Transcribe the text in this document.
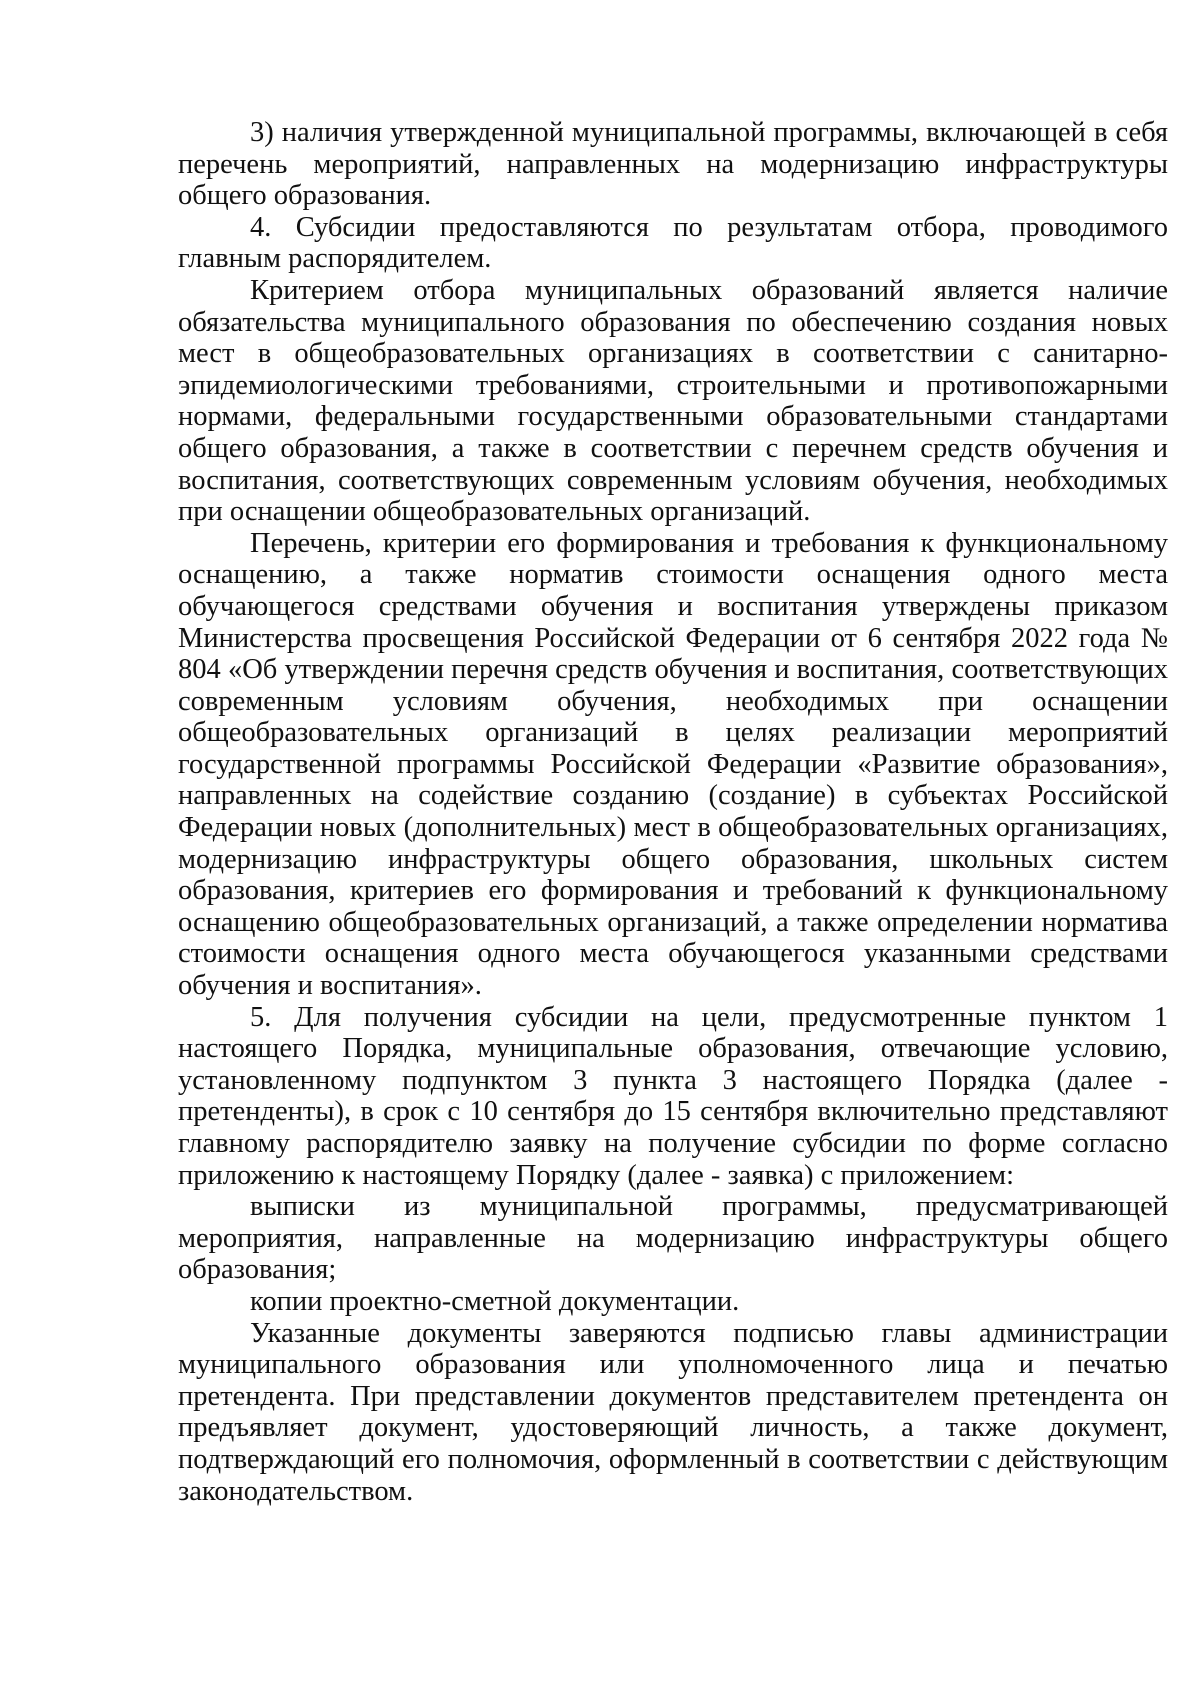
3) наличия утвержденной муниципальной программы, включающей в себя перечень мероприятий, направленных на модернизацию инфраструктуры общего образования.

4. Субсидии предоставляются по результатам отбора, проводимого главным распорядителем.

Критерием отбора муниципальных образований является наличие обязательства муниципального образования по обеспечению создания новых мест в общеобразовательных организациях в соответствии с санитарно-эпидемиологическими требованиями, строительными и противопожарными нормами, федеральными государственными образовательными стандартами общего образования, а также в соответствии с перечнем средств обучения и воспитания, соответствующих современным условиям обучения, необходимых при оснащении общеобразовательных организаций.

Перечень, критерии его формирования и требования к функциональному оснащению, а также норматив стоимости оснащения одного места обучающегося средствами обучения и воспитания утверждены приказом Министерства просвещения Российской Федерации от 6 сентября 2022 года № 804 «Об утверждении перечня средств обучения и воспитания, соответствующих современным условиям обучения, необходимых при оснащении общеобразовательных организаций в целях реализации мероприятий государственной программы Российской Федерации «Развитие образования», направленных на содействие созданию (создание) в субъектах Российской Федерации новых (дополнительных) мест в общеобразовательных организациях, модернизацию инфраструктуры общего образования, школьных систем образования, критериев его формирования и требований к функциональному оснащению общеобразовательных организаций, а также определении норматива стоимости оснащения одного места обучающегося указанными средствами обучения и воспитания».

5. Для получения субсидии на цели, предусмотренные пунктом 1 настоящего Порядка, муниципальные образования, отвечающие условию, установленному подпунктом 3 пункта 3 настоящего Порядка (далее - претенденты), в срок с 10 сентября до 15 сентября включительно представляют главному распорядителю заявку на получение субсидии по форме согласно приложению к настоящему Порядку (далее - заявка) с приложением:

выписки из муниципальной программы, предусматривающей мероприятия, направленные на модернизацию инфраструктуры общего образования;

копии проектно-сметной документации.

Указанные документы заверяются подписью главы администрации муниципального образования или уполномоченного лица и печатью претендента. При представлении документов представителем претендента он предъявляет документ, удостоверяющий личность, а также документ, подтверждающий его полномочия, оформленный в соответствии с действующим законодательством.
